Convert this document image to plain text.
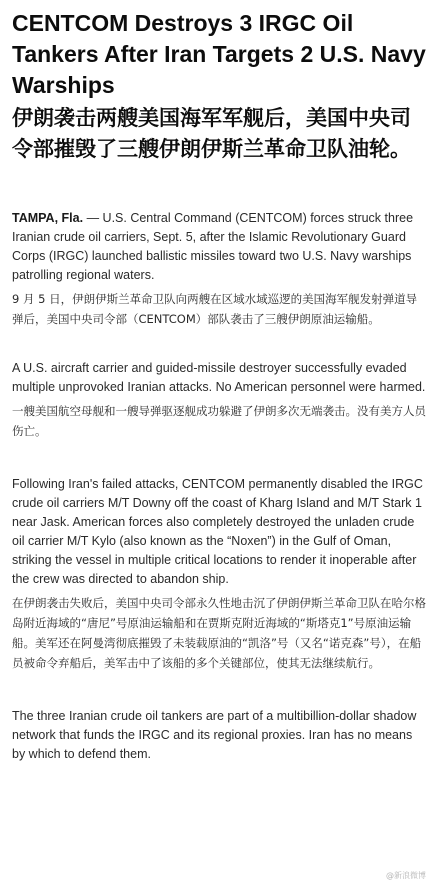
CENTCOM Destroys 3 IRGC Oil Tankers After Iran Targets 2 U.S. Navy Warships
伊朗袭击两艘美国海军军舰后，美国中央司令部摧毁了三艘伊朗伊斯兰革命卫队油轮。

TAMPA, Fla. — U.S. Central Command (CENTCOM) forces struck three Iranian crude oil carriers, Sept. 5, after the Islamic Revolutionary Guard Corps (IRGC) launched ballistic missiles toward two U.S. Navy warships patrolling regional waters.

9 月 5 日，伊朗伊斯兰革命卫队向两艘在区域水域巡逻的美国海军舰发射弹道导弹后，美国中央司令部（CENTCOM）部队袭击了三艘伊朗原油运输船。

A U.S. aircraft carrier and guided-missile destroyer successfully evaded multiple unprovoked Iranian attacks. No American personnel were harmed.

一艘美国航空母舰和一艘导弹驱逐舰成功躲避了伊朗多次无端袭击。没有美方人员伤亡。

Following Iran's failed attacks, CENTCOM permanently disabled the IRGC crude oil carriers M/T Downy off the coast of Kharg Island and M/T Stark 1 near Jask. American forces also completely destroyed the unladen crude oil carrier M/T Kylo (also known as the “Noxen”) in the Gulf of Oman, striking the vessel in multiple critical locations to render it inoperable after the crew was directed to abandon ship.

在伊朗袭击失败后，美国中央司令部永久性地击沉了伊朗伊斯兰革命卫队在哈尔格岛附近海域的“唐尼”号原油运输船和在贾斯克附近海域的“斯塔克1”号原油运输船。美军还在阿曼湾彻底摧毁了未装载原油的“凯洛”号（又名“诺克森”号），在船员被命令弃船后，美军击中了该船的多个关键部位，使其无法继续航行。

The three Iranian crude oil tankers are part of a multibillion-dollar shadow network that funds the IRGC and its regional proxies. Iran has no means by which to defend them.

@新浪微博
